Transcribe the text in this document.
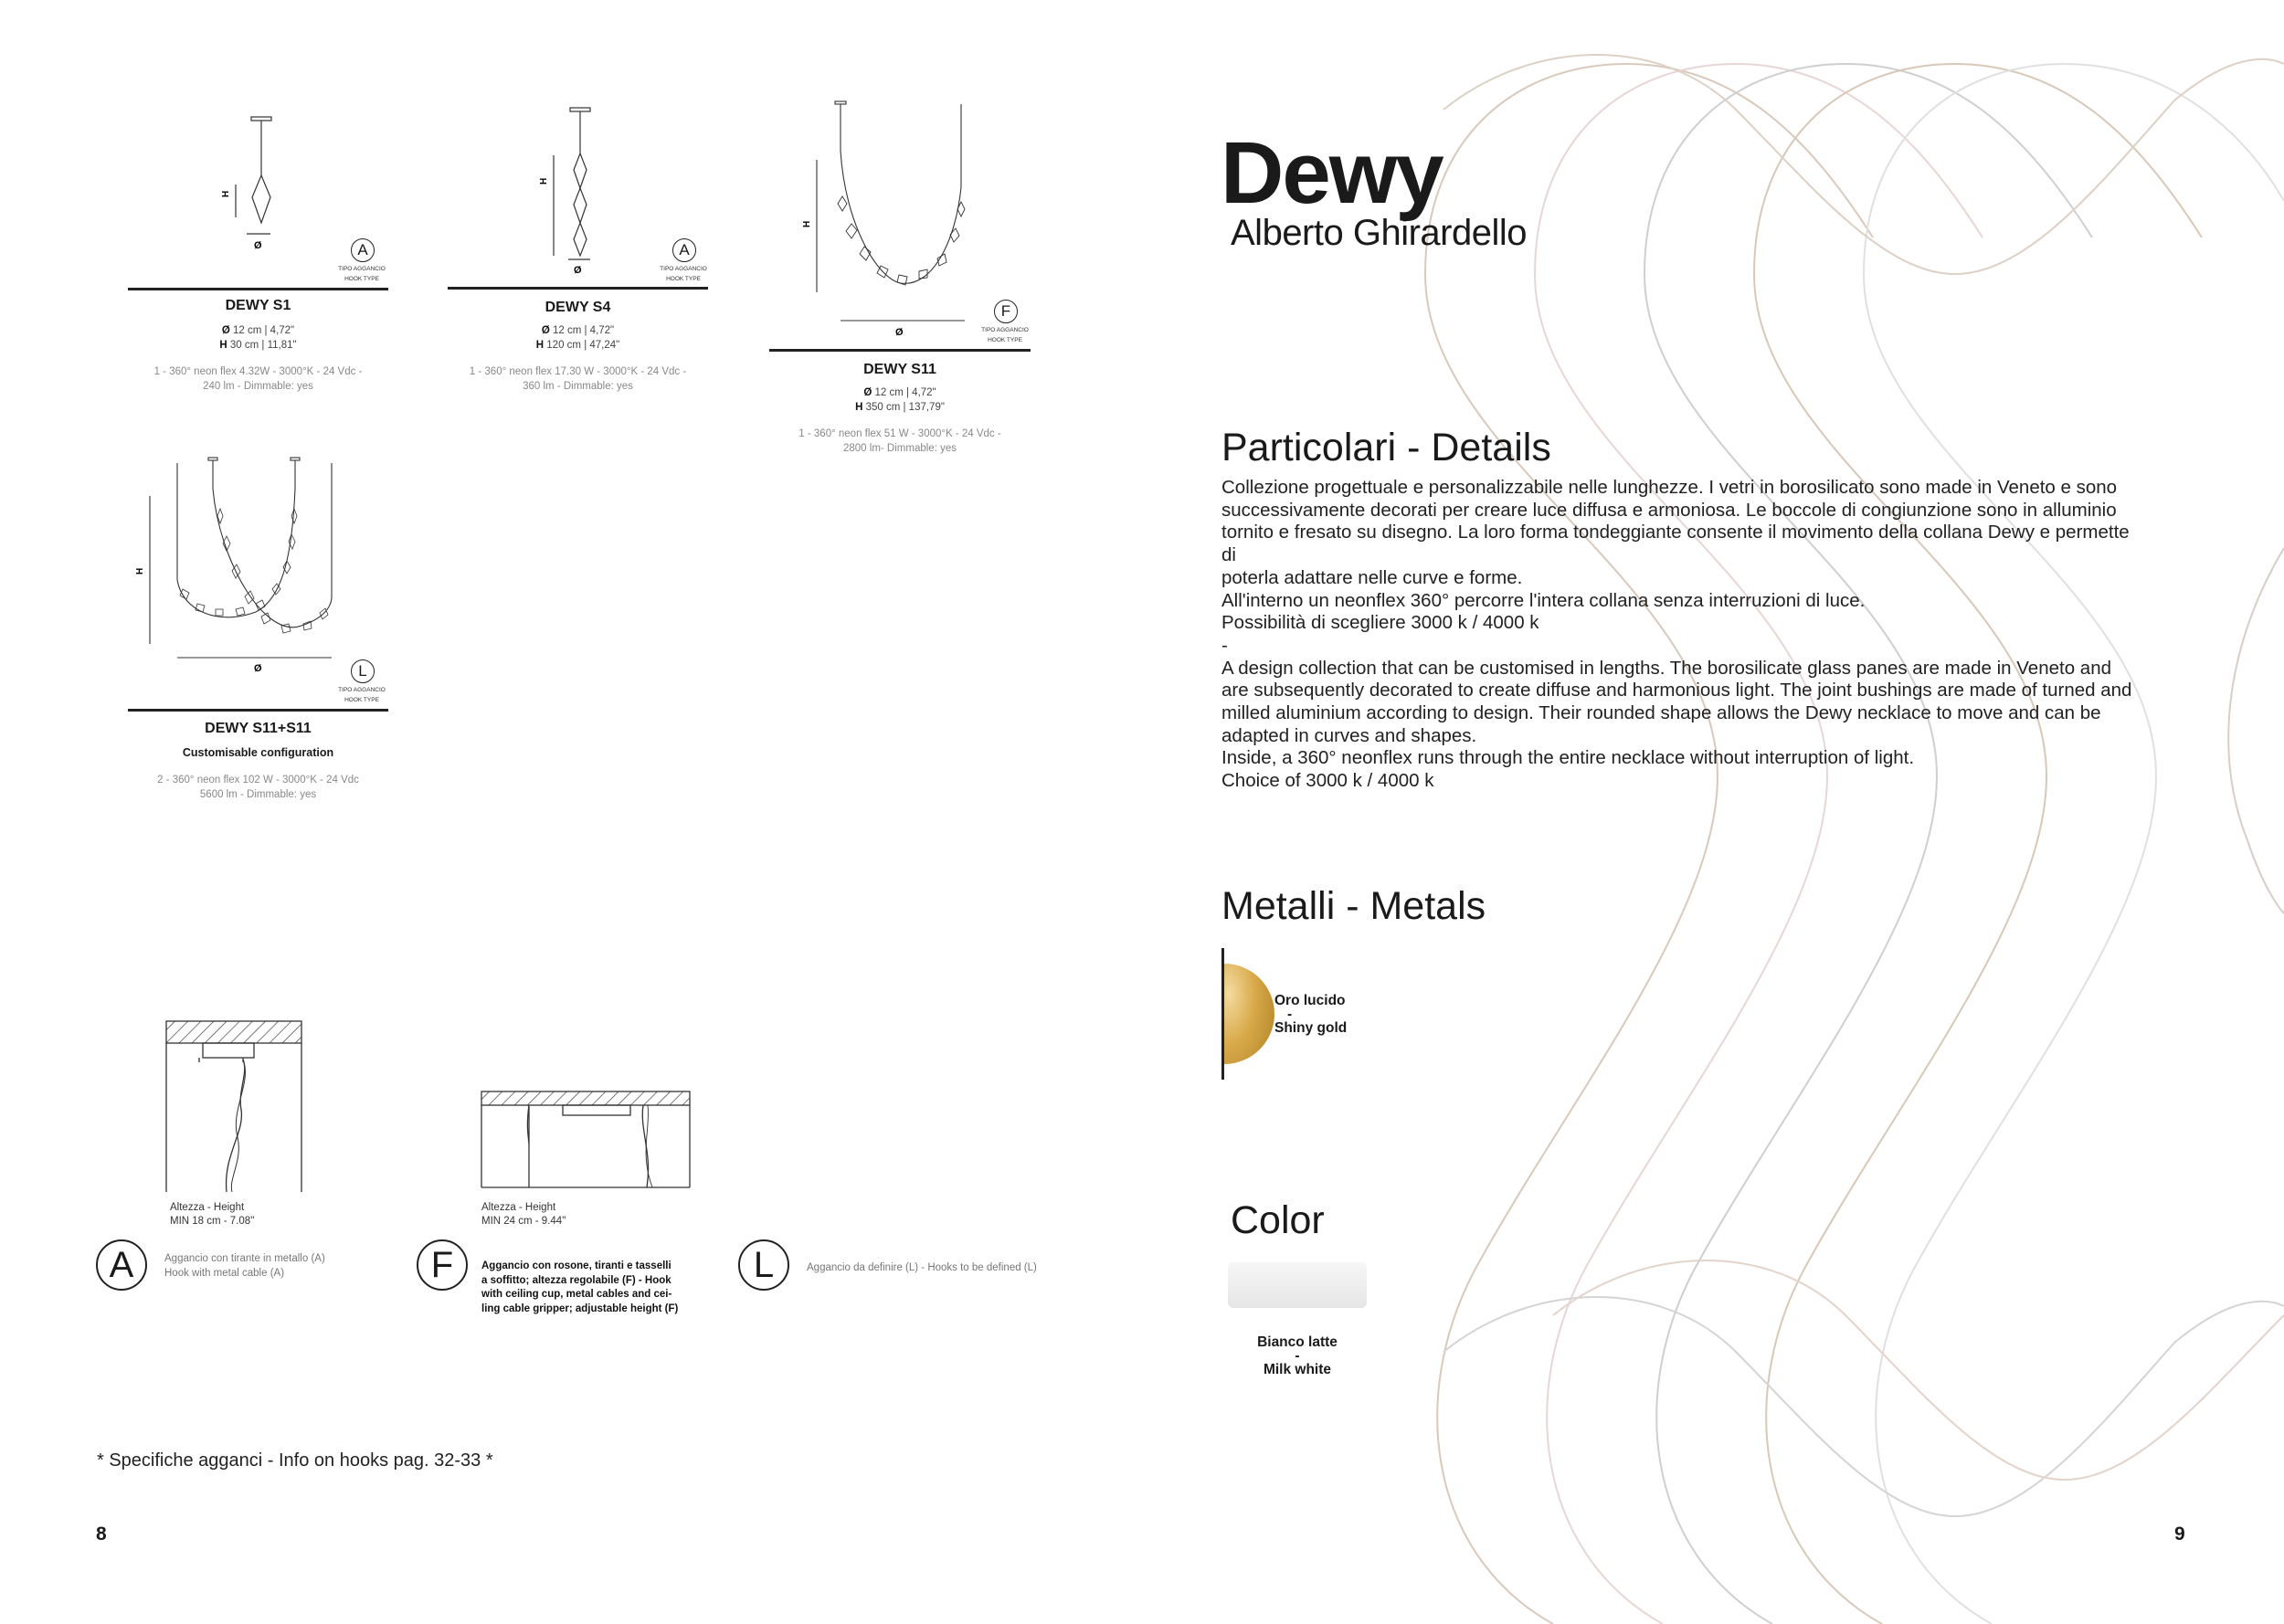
H
Ø	A
TIPO AGGANCIO
HOOK TYPE
DEWY S1
Ø 12 cm | 4,72"
H 30 cm | 11,81"
1 - 360° neon flex 4.32W - 3000°K - 24 Vdc -
240 lm - Dimmable: yes
H
Ø
A
TIPO AGGANCIO
HOOK TYPE
DEWY S4
Ø 12 cm | 4,72"
H 120 cm | 47,24"
1 - 360° neon flex 17.30 W - 3000°K - 24 Vdc -
360 lm - Dimmable: yes
H
Ø
F
TIPO AGGANCIO
HOOK TYPE
DEWY S11
Ø 12 cm | 4,72"
H 350 cm | 137,79"
1 - 360° neon flex 51 W - 3000°K - 24 Vdc -
2800 lm- Dimmable: yes
H
Ø	L
TIPO AGGANCIO
HOOK TYPE
DEWY S11+S11
Customisable configuration
2 - 360° neon flex 102 W - 3000°K - 24 Vdc
5600 lm - Dimmable: yes
Altezza - Height
MIN 18 cm - 7.08"
Altezza - Height
MIN 24 cm - 9.44"
A	Aggancio con tirante in metallo (A)
Hook with metal cable (A)	F	Aggancio con rosone, tiranti e tasselli
a soffitto; altezza regolabile (F) - Hook
with ceiling cup, metal cables and cei-
ling cable gripper; adjustable height (F)
L	Aggancio da definire (L) - Hooks to be defined (L)
* Specifiche agganci - Info on hooks pag. 32-33 *
8
Dewy
Alberto Ghirardello
Particolari - Details

Collezione progettuale e personalizzabile nelle lunghezze. I vetri in borosilicato sono made in Veneto e sono

successivamente decorati per creare luce diffusa e armoniosa. Le boccole di congiunzione sono in alluminio

tornito e fresato su disegno. La loro forma tondeggiante consente il movimento della collana Dewy e permette di

poterla adattare nelle curve e forme.

All'interno un neonflex 360° percorre l'intera collana senza interruzioni di luce.

Possibilità di scegliere 3000 k / 4000 k

-

A design collection that can be customised in lengths. The borosilicate glass panes are made in Veneto and

are subsequently decorated to create diffuse and harmonious light. The joint bushings are made of turned and

milled aluminium according to design. Their rounded shape allows the Dewy necklace to move and can be

adapted in curves and shapes.

Inside, a 360° neonflex runs through the entire necklace without interruption of light.

Choice of 3000 k / 4000 k

Metalli - Metals
Oro lucido
-
Shiny gold
Color
Bianco latte
-
Milk white
9
